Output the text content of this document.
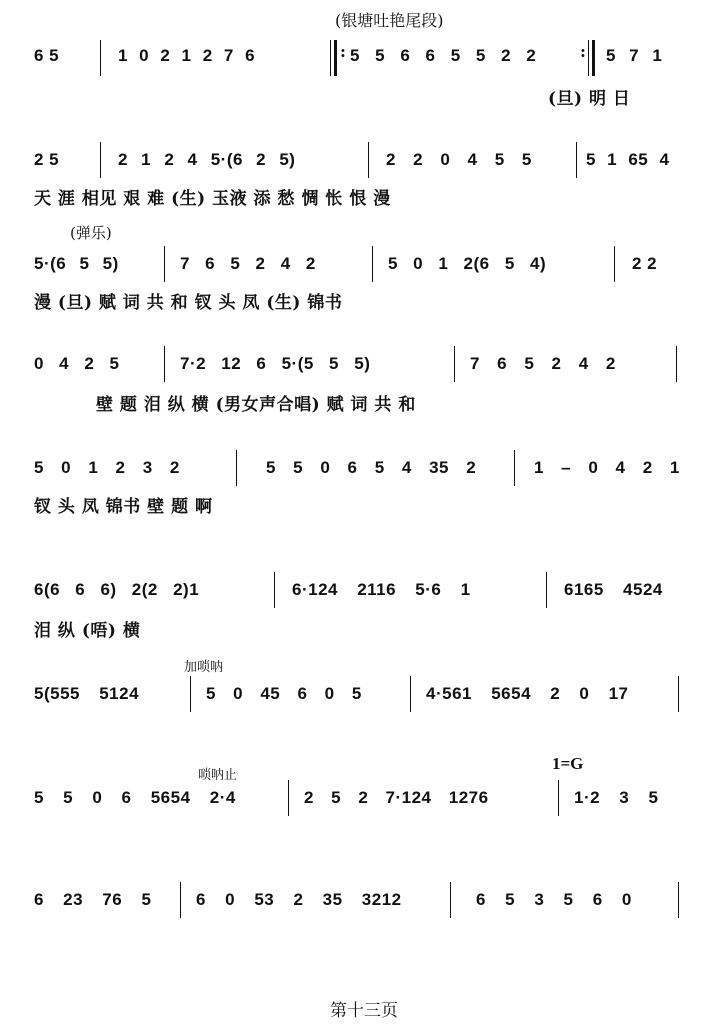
(银塘吐艳尾段)
6 5	1 0 2 1 2 7 6	: 5 5 6 6 5 5 2 2	: 5 7 1
(旦) 明 日
2 5	2 1 2 4 5·(6 2 5)	2 2 0 4 5 5	5 1 65 4
天 涯 相见 艰 难 (生) 玉液 添 愁 惆 怅 恨 漫
(弹乐)
5·(6 5 5)	7 6 5 2 4 2	5 0 1 2(6 5 4)	2 2
漫 (旦) 赋 词 共 和 钗 头 凤 (生) 锦书
0 4 2 5	7·2 12 6 5·(5 5 5)	7 6 5 2 4 2
壁 题 泪 纵 横 (男女声合唱) 赋 词 共 和
5 0 1 2 3 2	5 5 0 6 5 4 35 2	1 – 0 4 2 1
钗 头 凤 锦书 壁 题 啊
6(6 6 6) 2(2 2)1	6·124 2116 5·6 1	6165 4524
泪 纵 (唔) 横
加唢呐
5(555 5124	5 0 45 6 0 5	4·561 5654 2 0 17
唢呐止
1=G
5 5 0 6 5654 2·4	2 5 2 7·124 1276	1·2 3 5
6 23 76 5	6 0 53 2 35 3212	6 5 3 5 6 0
第十三页
